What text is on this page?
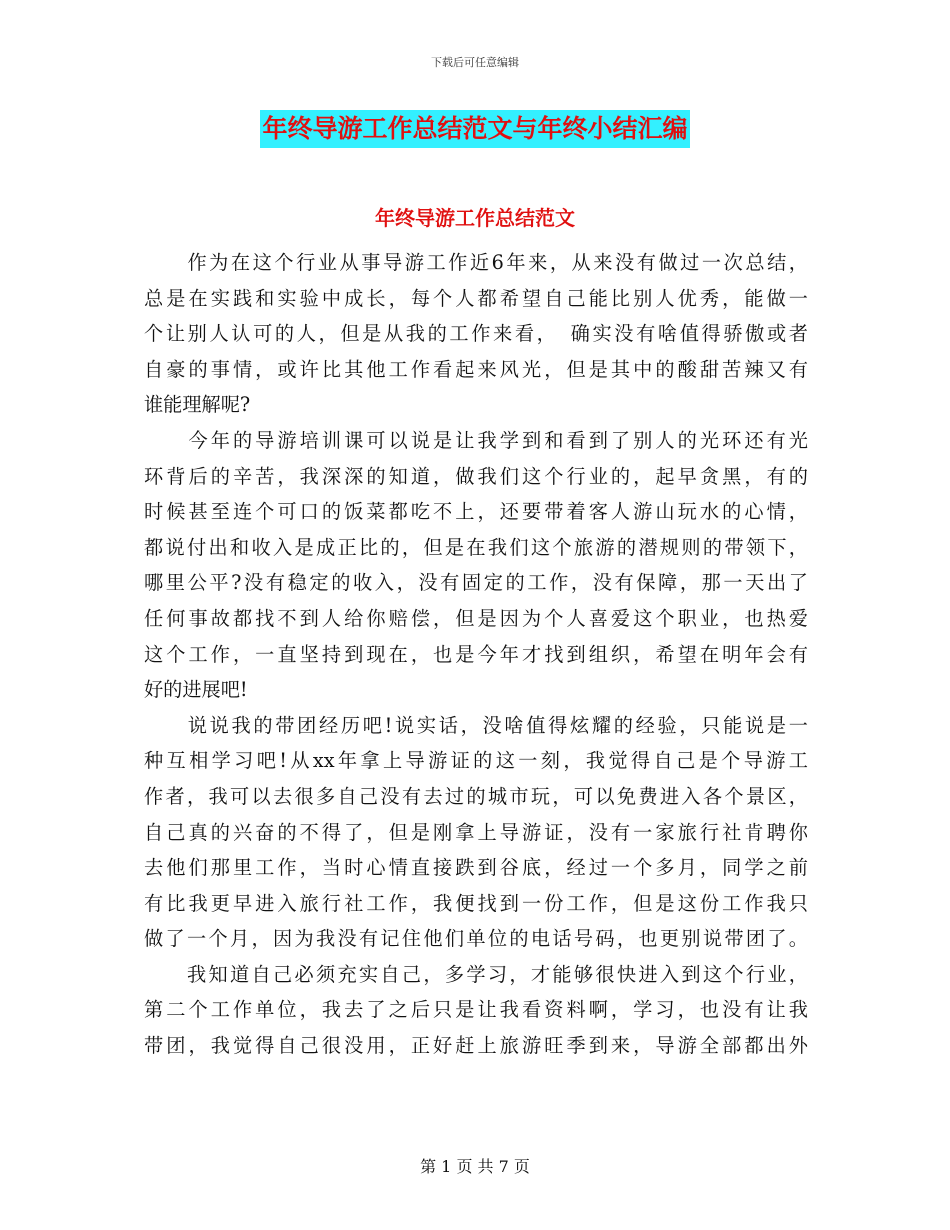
下载后可任意编辑
年终导游工作总结范文与年终小结汇编
年终导游工作总结范文
　　作为在这个行业从事导游工作近6年来，从来没有做过一次总结，
总是在实践和实验中成长，每个人都希望自己能比别人优秀，能做一
个让别人认可的人，但是从我的工作来看，　确实没有啥值得骄傲或者
自豪的事情，或许比其他工作看起来风光，但是其中的酸甜苦辣又有
谁能理解呢?
　　今年的导游培训课可以说是让我学到和看到了别人的光环还有光
环背后的辛苦，我深深的知道，做我们这个行业的，起早贪黑，有的
时候甚至连个可口的饭菜都吃不上，还要带着客人游山玩水的心情，
都说付出和收入是成正比的，但是在我们这个旅游的潜规则的带领下，
哪里公平?没有稳定的收入，没有固定的工作，没有保障，那一天出了
任何事故都找不到人给你赔偿，但是因为个人喜爱这个职业，也热爱
这个工作，一直坚持到现在，也是今年才找到组织，希望在明年会有
好的进展吧!
　　说说我的带团经历吧!说实话，没啥值得炫耀的经验，只能说是一
种互相学习吧!从xx年拿上导游证的这一刻，我觉得自己是个导游工
作者，我可以去很多自己没有去过的城市玩，可以免费进入各个景区，
自己真的兴奋的不得了，但是刚拿上导游证，没有一家旅行社肯聘你
去他们那里工作，当时心情直接跌到谷底，经过一个多月，同学之前
有比我更早进入旅行社工作，我便找到一份工作，但是这份工作我只
做了一个月，因为我没有记住他们单位的电话号码，也更别说带团了。
　　我知道自己必须充实自己，多学习，才能够很快进入到这个行业，
第二个工作单位，我去了之后只是让我看资料啊，学习，也没有让我
带团，我觉得自己很没用，正好赶上旅游旺季到来，导游全部都出外
第 1 页 共 7 页
